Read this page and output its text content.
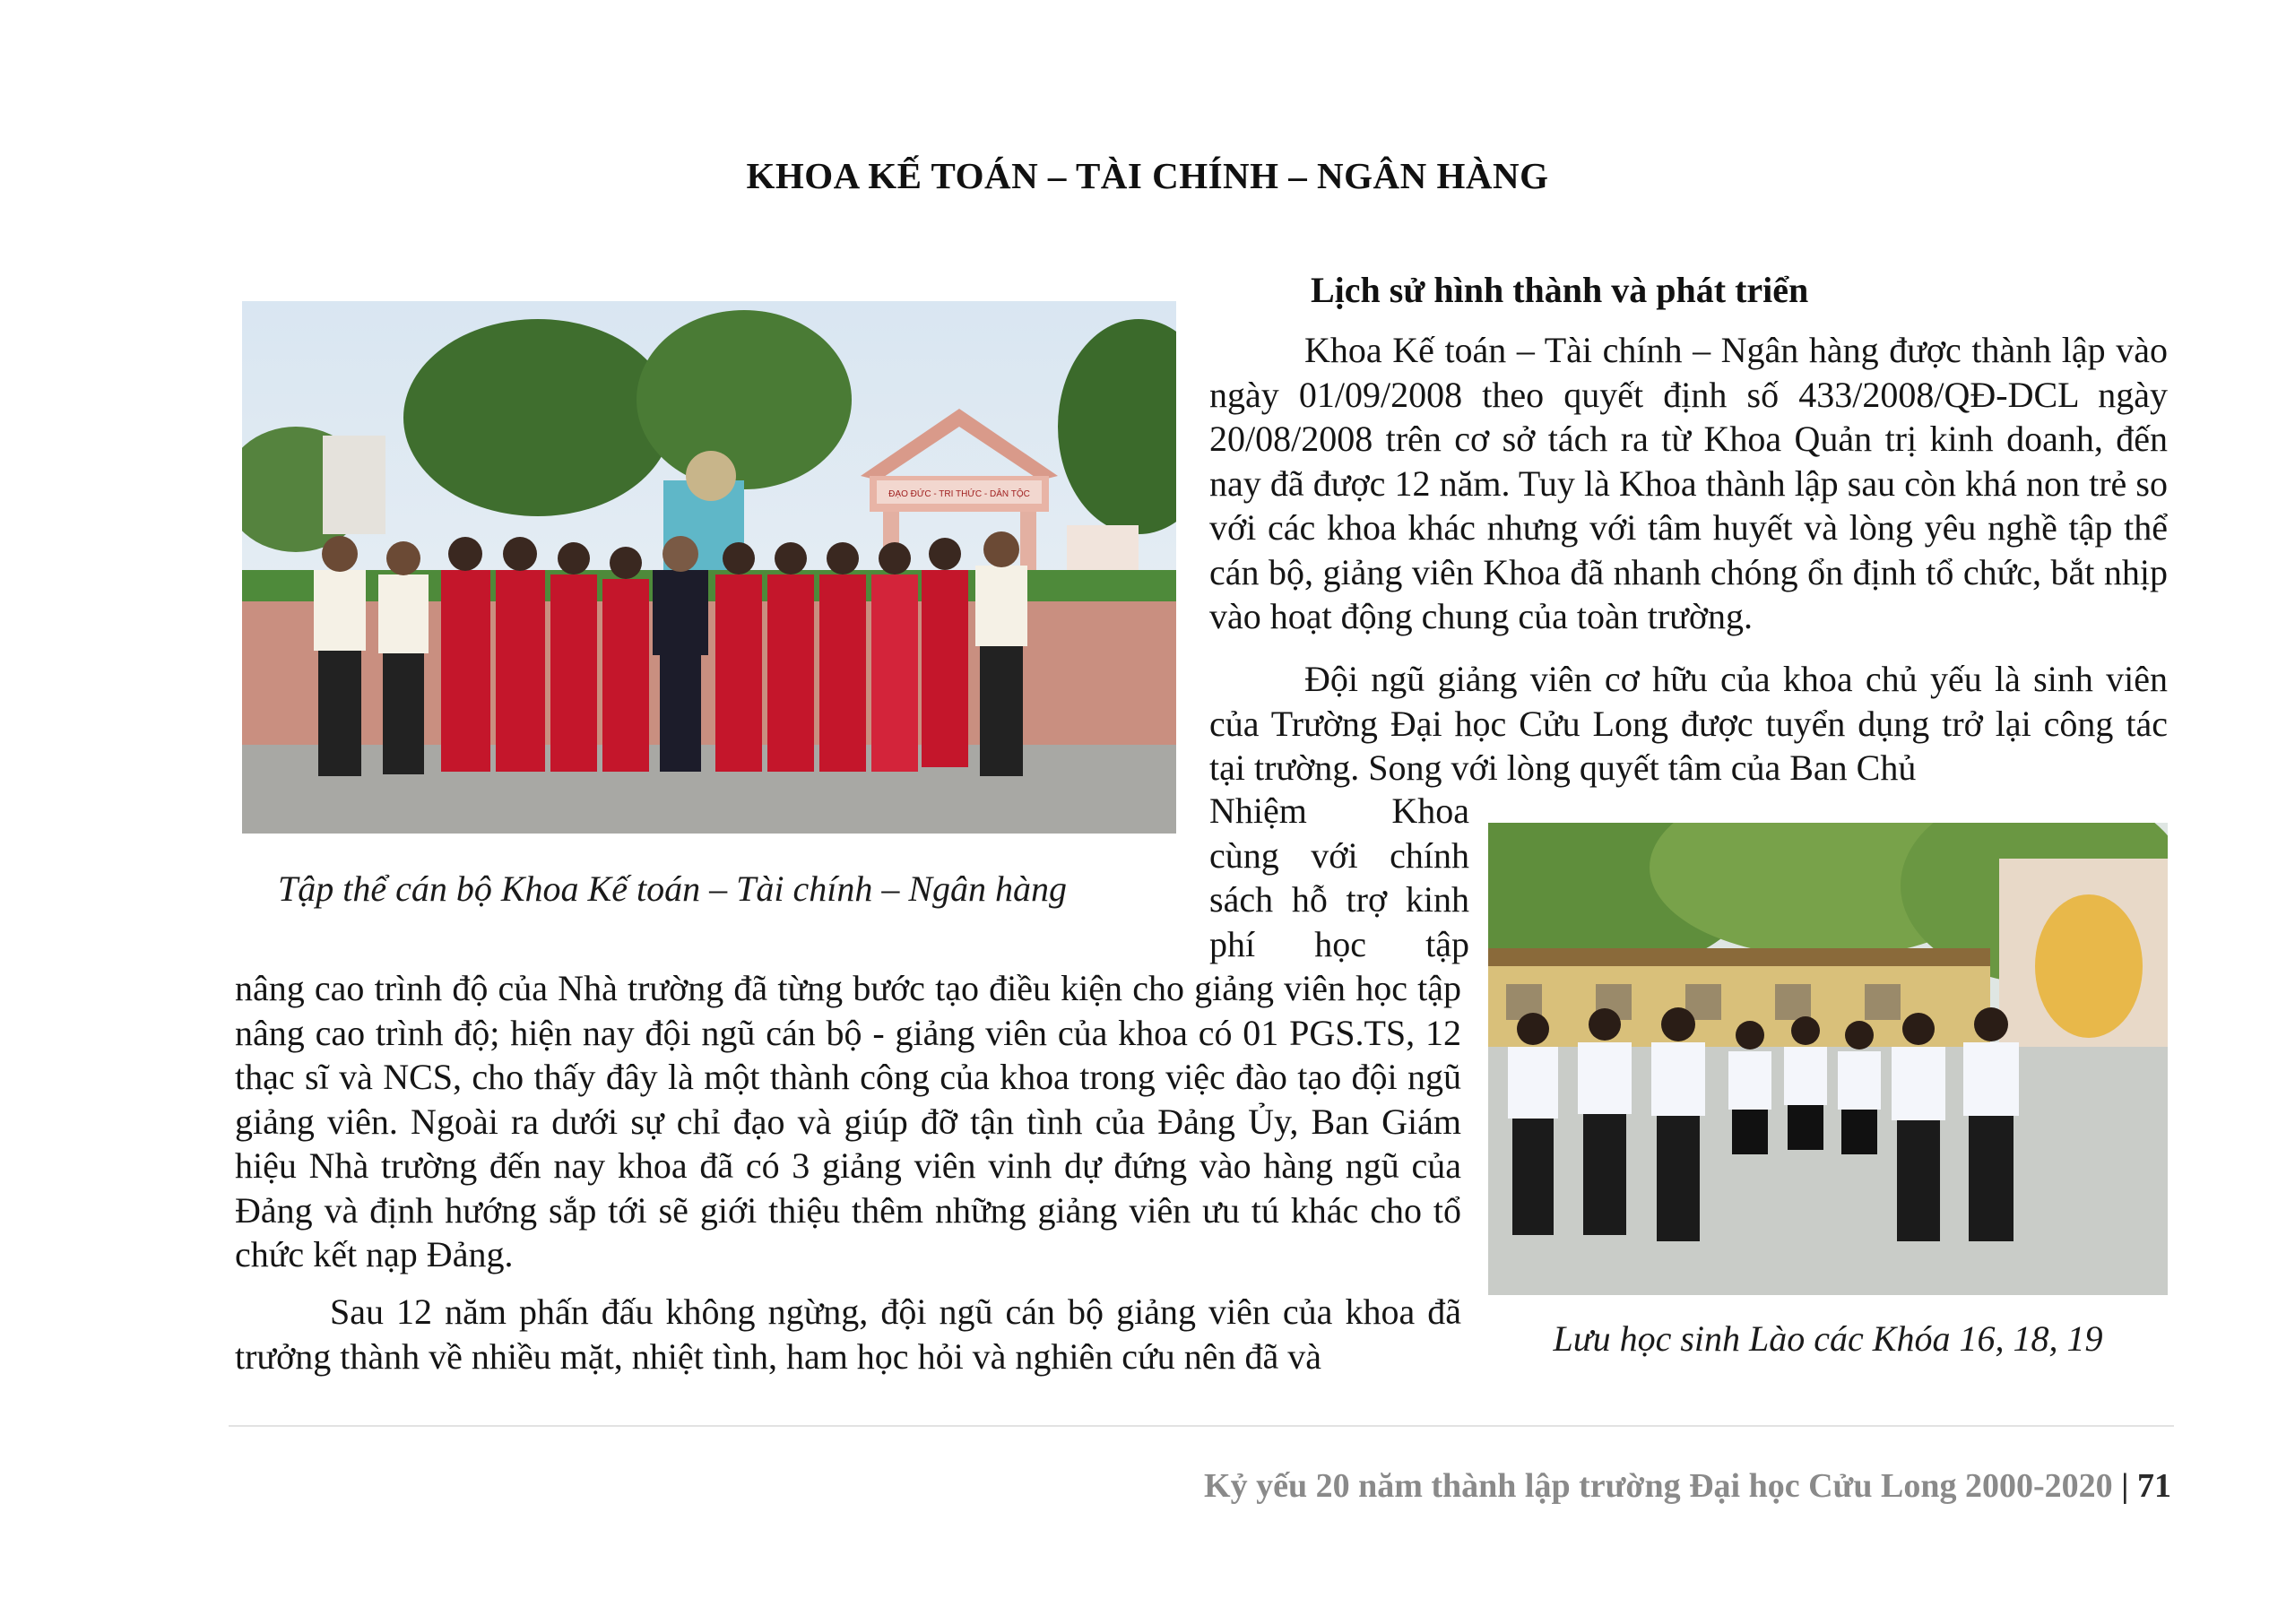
KHOA KẾ TOÁN – TÀI CHÍNH – NGÂN HÀNG
Lịch sử hình thành và phát triển

Khoa Kế toán – Tài chính – Ngân hàng được thành lập vào ngày 01/09/2008 theo quyết định số 433/2008/QĐ-DCL ngày 20/08/2008 trên cơ sở tách ra từ Khoa Quản trị kinh doanh, đến nay đã được 12 năm. Tuy là Khoa thành lập sau còn khá non trẻ so với các khoa khác nhưng với tâm huyết và lòng yêu nghề tập thể cán bộ, giảng viên Khoa đã nhanh chóng ổn định tổ chức, bắt nhịp vào hoạt động chung của toàn trường.

Đội ngũ giảng viên cơ hữu của khoa chủ yếu là sinh viên của Trường Đại học Cửu Long được tuyển dụng trở lại công tác tại trường. Song với lòng quyết tâm của Ban Chủ

Nhiệm Khoa cùng với chính sách hỗ trợ kinh phí học tập

nâng cao trình độ của Nhà trường đã từng bước tạo điều kiện cho giảng viên học tập nâng cao trình độ; hiện nay đội ngũ cán bộ - giảng viên của khoa có 01 PGS.TS, 12 thạc sĩ và NCS, cho thấy đây là một thành công của khoa trong việc đào tạo đội ngũ giảng viên. Ngoài ra dưới sự chỉ đạo và giúp đỡ tận tình của Đảng Ủy, Ban Giám hiệu Nhà trường đến nay khoa đã có 3 giảng viên vinh dự đứng vào hàng ngũ của Đảng và định hướng sắp tới sẽ giới thiệu thêm những giảng viên ưu tú khác cho tổ chức kết nạp Đảng.

Sau 12 năm phấn đấu không ngừng, đội ngũ cán bộ giảng viên của khoa đã trưởng thành về nhiều mặt, nhiệt tình, ham học hỏi và nghiên cứu nên đã và

ĐẠO ĐỨC - TRI THỨC - DÂN TỘC
Tập thể cán bộ Khoa Kế toán – Tài chính – Ngân hàng
Lưu học sinh Lào các Khóa 16, 18, 19
Kỷ yếu 20 năm thành lập trường Đại học Cửu Long 2000-2020 | 71
